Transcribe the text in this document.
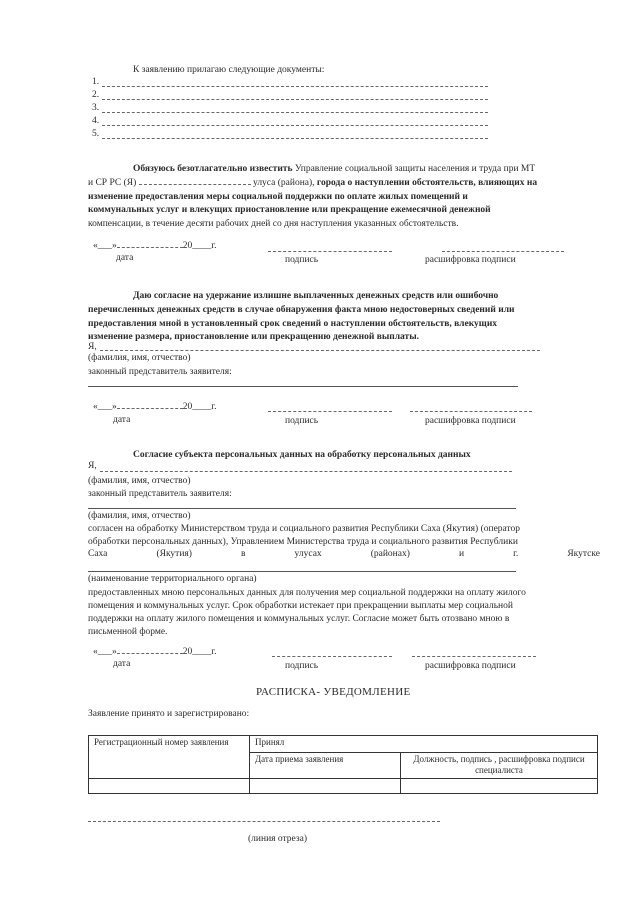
К заявлению прилагаю следующие документы:
1.
2.
3.
4.
5.
Обязуюсь безотлагательно известить Управление социальной защиты населения и труда при МТ
и СР РС (Я)	улуса (района), города о наступлении обстоятельств, влияющих на
изменение предоставления меры социальной поддержки по оплате жилых помещений и
коммунальных услуг и влекущих приостановление или прекращение ежемесячной денежной
компенсации, в течение десяти рабочих дней со дня наступления указанных обстоятельств.
«___»	20____г.
дата	подпись	расшифровка подписи
Даю согласие на удержание излишне выплаченных денежных средств или ошибочно
перечисленных денежных средств в случае обнаружения факта мною недостоверных сведений или
предоставления мной в установленный срок сведений о наступлении обстоятельств, влекущих
изменение размера, приостановление или прекращению денежной выплаты.
Я,
(фамилия, имя, отчество)
законный представитель заявителя:
«___»	20____г.
дата	подпись	расшифровка подписи
Согласие субъекта персональных данных на обработку персональных данных
Я,
(фамилия, имя, отчество)
законный представитель заявителя:
(фамилия, имя, отчество)
согласен на обработку Министерством труда и социального развития Республики Саха (Якутия) (оператор
обработки персональных данных), Управлением Министерства труда и социального развития Республики
Саха	(Якутия)	в	улусах	(районах)	и	г.	Якутске
(наименование территориального органа)
предоставленных мною персональных данных для получения мер социальной поддержки на оплату жилого
помещения и коммунальных услуг. Срок обработки истекает при прекращении выплаты мер социальной
поддержки на оплату жилого помещения и коммунальных услуг. Согласие может быть отозвано мною в
письменной форме.
«___»	20____г.
дата	подпись	расшифровка подписи
РАСПИСКА- УВЕДОМЛЕНИЕ
Заявление принято и зарегистрировано:
Регистрационный номер заявления	Принял	
	Дата приема заявления	Должность, подпись , расшифровка подписи специалиста

(линия отреза)
